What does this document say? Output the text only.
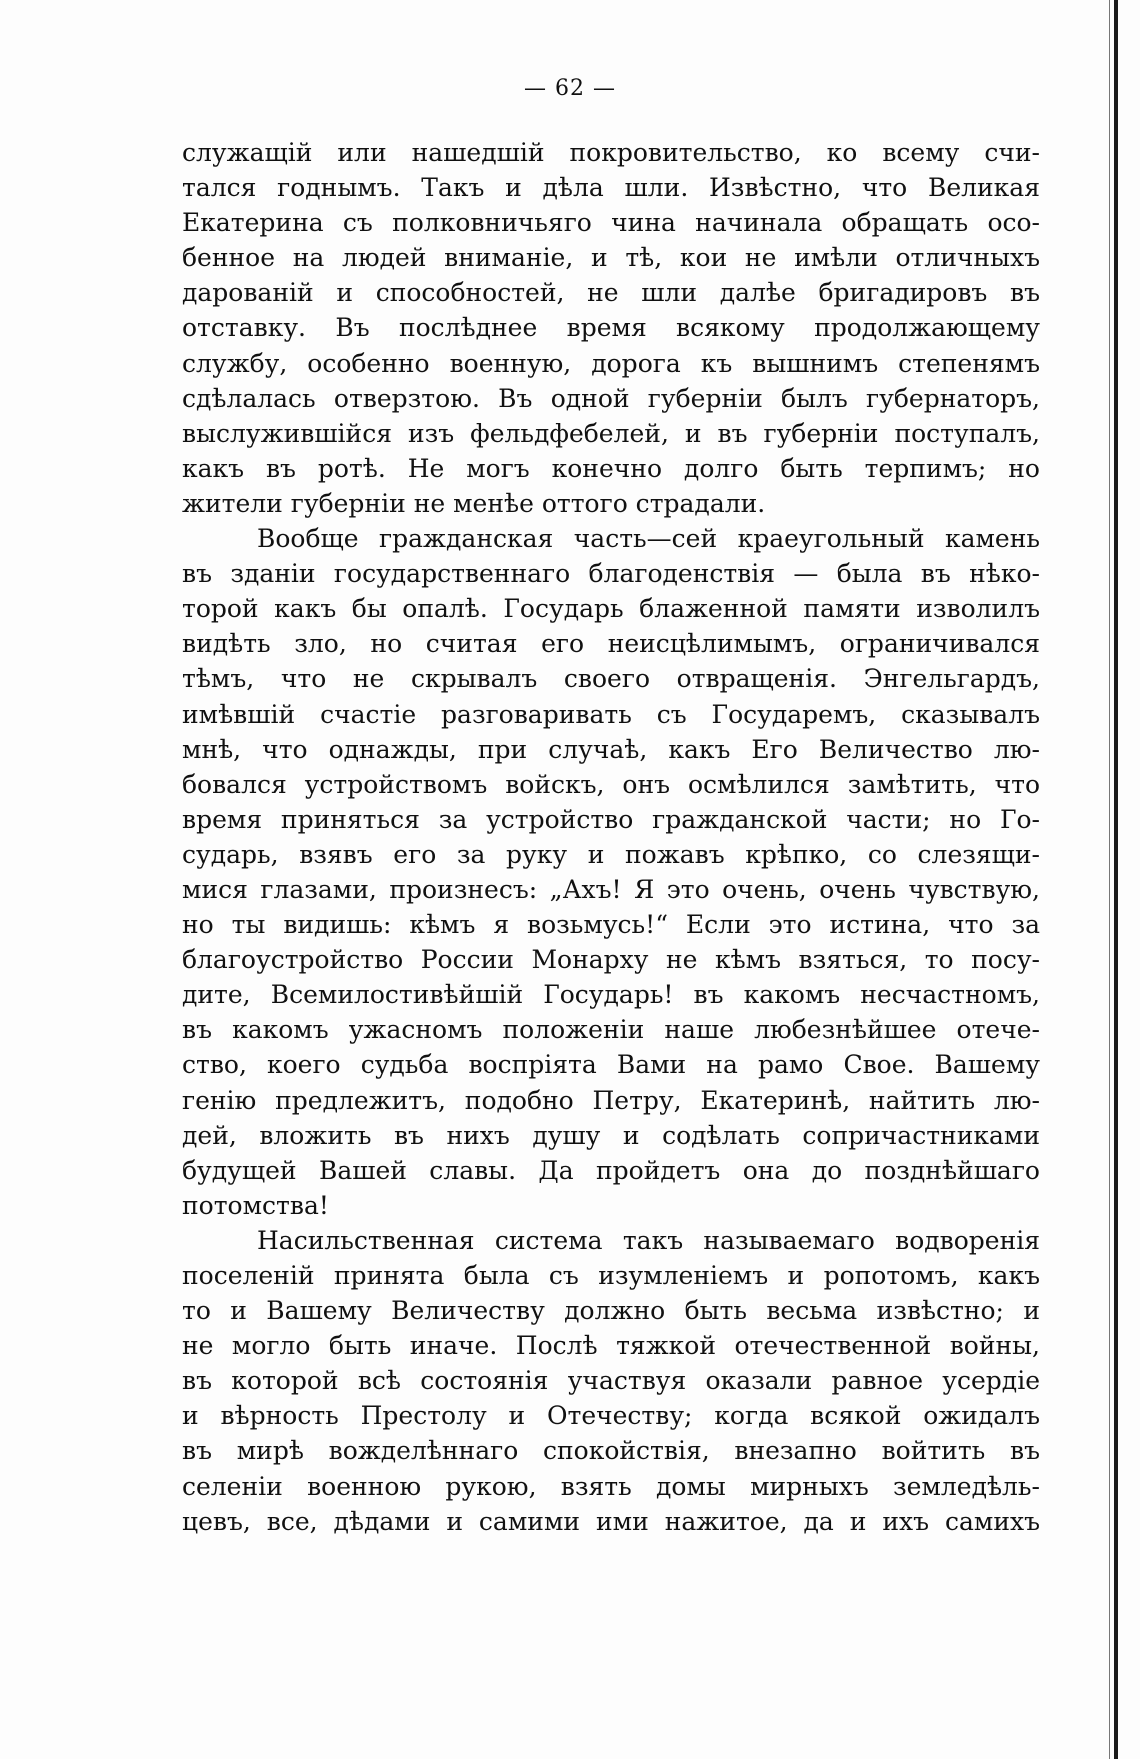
— 62 —
служащій или нашедшій покровительство, ко всему счи-
тался годнымъ. Такъ и дѣла шли. Извѣстно, что Великая
Екатерина съ полковничьяго чина начинала обращать осо-
бенное на людей вниманіе, и тѣ, кои не имѣли отличныхъ
дарованій и способностей, не шли далѣе бригадировъ въ
отставку. Въ послѣднее время всякому продолжающему
службу, особенно военную, дорога къ вышнимъ степенямъ
сдѣлалась отверзтою. Въ одной губерніи былъ губернаторъ,
выслужившійся изъ фельдфебелей, и въ губерніи поступалъ,
какъ въ ротѣ. Не могъ конечно долго быть терпимъ; но
жители губерніи не менѣе оттого страдали.
Вообще гражданская часть—сей краеугольный камень
въ зданіи государственнаго благоденствія — была въ нѣко-
торой какъ бы опалѣ. Государь блаженной памяти изволилъ
видѣть зло, но считая его неисцѣлимымъ, ограничивался
тѣмъ, что не скрывалъ своего отвращенія. Энгельгардъ,
имѣвшій счастіе разговаривать съ Государемъ, сказывалъ
мнѣ, что однажды, при случаѣ, какъ Его Величество лю-
бовался устройствомъ войскъ, онъ осмѣлился замѣтить, что
время приняться за устройство гражданской части; но Го-
сударь, взявъ его за руку и пожавъ крѣпко, со слезящи-
мися глазами, произнесъ: „Ахъ! Я это очень, очень чувствую,
но ты видишь: кѣмъ я возьмусь!“ Если это истина, что за
благоустройство России Монарху не кѣмъ взяться, то посу-
дите, Всемилостивѣйшій Государь! въ какомъ несчастномъ,
въ какомъ ужасномъ положеніи наше любезнѣйшее отече-
ство, коего судьба воспріята Вами на рамо Свое. Вашему
генію предлежитъ, подобно Петру, Екатеринѣ, найтить лю-
дей, вложить въ нихъ душу и содѣлать сопричастниками
будущей Вашей славы. Да пройдетъ она до позднѣйшаго
потомства!
Насильственная система такъ называемаго водворенія
поселеній принята была съ изумленіемъ и ропотомъ, какъ
то и Вашему Величеству должно быть весьма извѣстно; и
не могло быть иначе. Послѣ тяжкой отечественной войны,
въ которой всѣ состоянія участвуя оказали равное усердіе
и вѣрность Престолу и Отечеству; когда всякой ожидалъ
въ мирѣ вожделѣннаго спокойствія, внезапно войтить въ
селеніи военною рукою, взять домы мирныхъ землeдѣль-
цевъ, все, дѣдами и самими ими нажитое, да и ихъ самихъ
